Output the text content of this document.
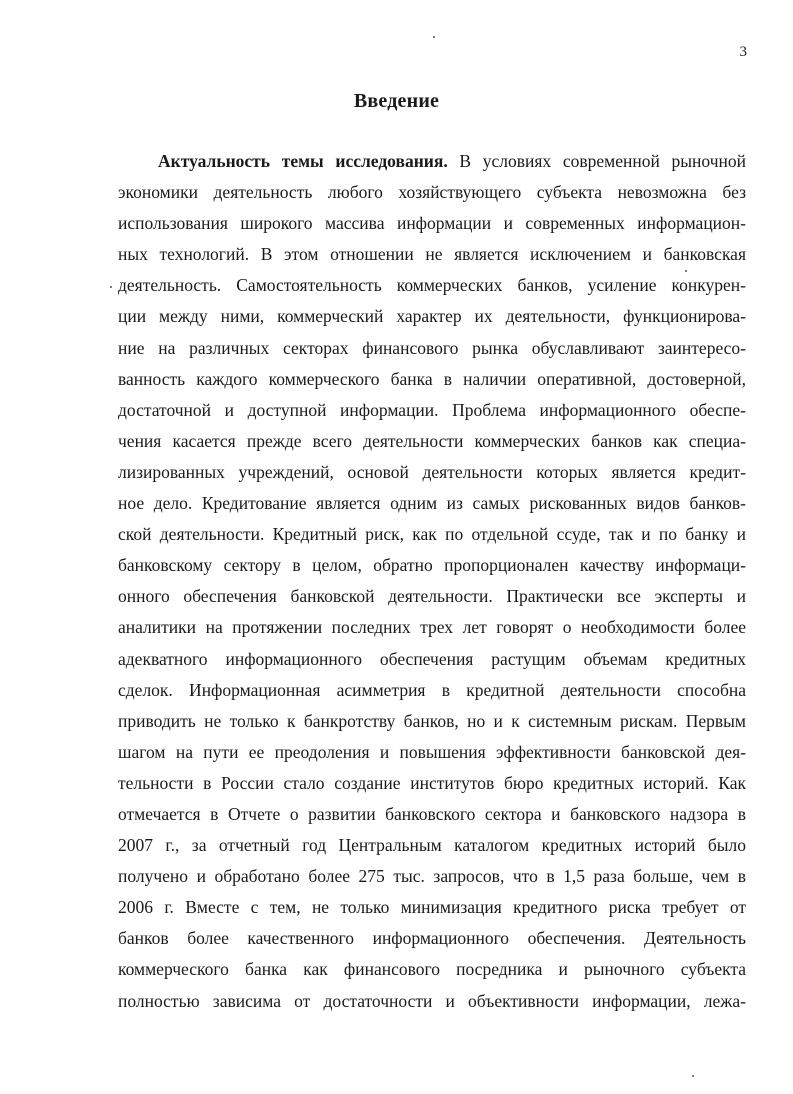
3
Введение
Актуальность темы исследования. В условиях современной рыночной
экономики деятельность любого хозяйствующего субъекта невозможна без
использования широкого массива информации и современных информацион-
ных технологий. В этом отношении не является исключением и банковская
деятельность. Самостоятельность коммерческих банков, усиление конкурен-
ции между ними, коммерческий характер их деятельности, функционирова-
ние на различных секторах финансового рынка обуславливают заинтересо-
ванность каждого коммерческого банка в наличии оперативной, достоверной,
достаточной и доступной информации. Проблема информационного обеспе-
чения касается прежде всего деятельности коммерческих банков как специа-
лизированных учреждений, основой деятельности которых является кредит-
ное дело. Кредитование является одним из самых рискованных видов банков-
ской деятельности. Кредитный риск, как по отдельной ссуде, так и по банку и
банковскому сектору в целом, обратно пропорционален качеству информаци-
онного обеспечения банковской деятельности. Практически все эксперты и
аналитики на протяжении последних трех лет говорят о необходимости более
адекватного информационного обеспечения растущим объемам кредитных
сделок. Информационная асимметрия в кредитной деятельности способна
приводить не только к банкротству банков, но и к системным рискам. Первым
шагом на пути ее преодоления и повышения эффективности банковской дея-
тельности в России стало создание институтов бюро кредитных историй. Как
отмечается в Отчете о развитии банковского сектора и банковского надзора в
2007 г., за отчетный год Центральным каталогом кредитных историй было
получено и обработано более 275 тыс. запросов, что в 1,5 раза больше, чем в
2006 г. Вместе с тем, не только минимизация кредитного риска требует от
банков более качественного информационного обеспечения. Деятельность
коммерческого банка как финансового посредника и рыночного субъекта
полностью зависима от достаточности и объективности информации, лежа-
